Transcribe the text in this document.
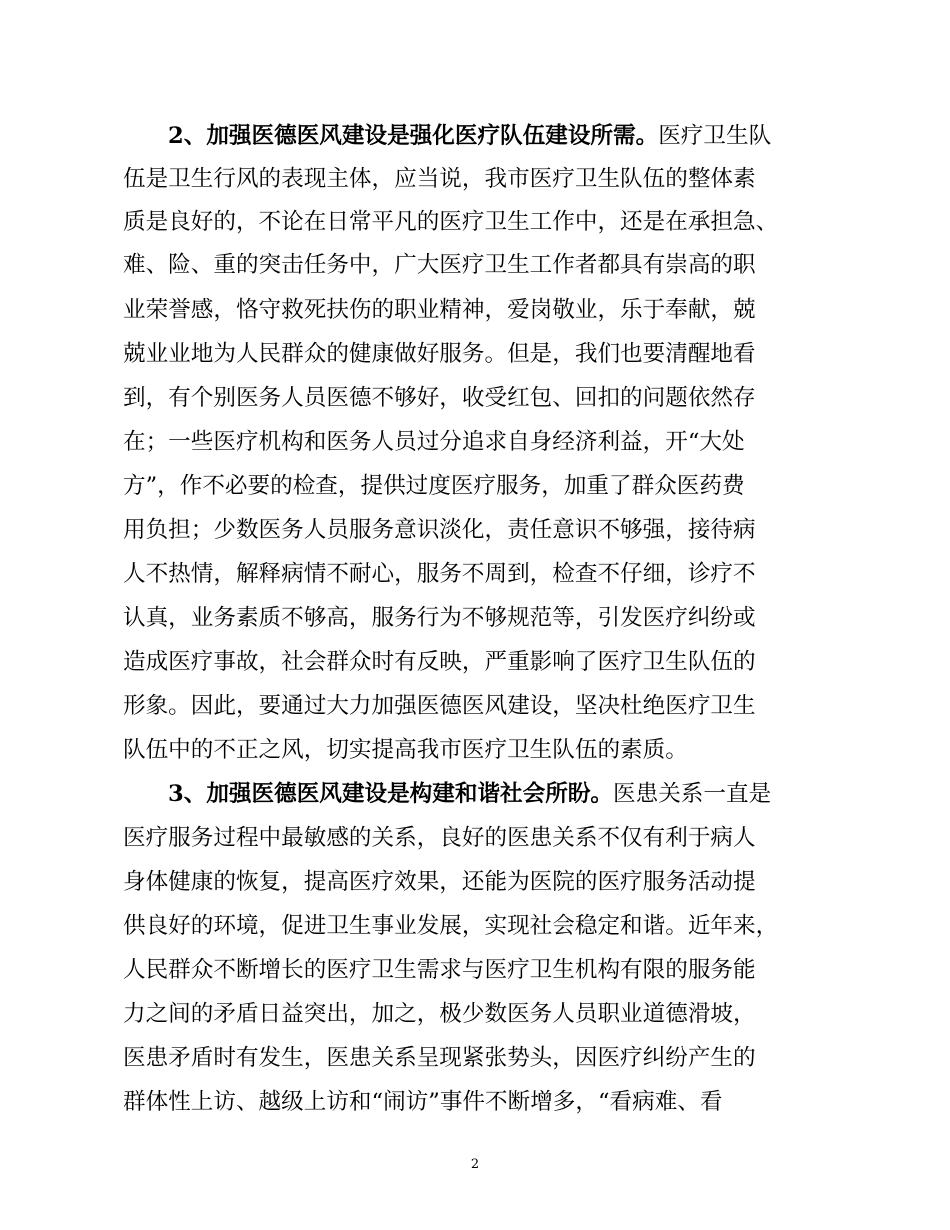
2、加强医德医风建设是强化医疗队伍建设所需。医疗卫生队
伍是卫生行风的表现主体，应当说，我市医疗卫生队伍的整体素
质是良好的，不论在日常平凡的医疗卫生工作中，还是在承担急、
难、险、重的突击任务中，广大医疗卫生工作者都具有崇高的职
业荣誉感，恪守救死扶伤的职业精神，爱岗敬业，乐于奉献，兢
兢业业地为人民群众的健康做好服务。但是，我们也要清醒地看
到，有个别医务人员医德不够好，收受红包、回扣的问题依然存
在；一些医疗机构和医务人员过分追求自身经济利益，开“大处
方”，作不必要的检查，提供过度医疗服务，加重了群众医药费
用负担；少数医务人员服务意识淡化，责任意识不够强，接待病
人不热情，解释病情不耐心，服务不周到，检查不仔细，诊疗不
认真，业务素质不够高，服务行为不够规范等，引发医疗纠纷或
造成医疗事故，社会群众时有反映，严重影响了医疗卫生队伍的
形象。因此，要通过大力加强医德医风建设，坚决杜绝医疗卫生
队伍中的不正之风，切实提高我市医疗卫生队伍的素质。
3、加强医德医风建设是构建和谐社会所盼。医患关系一直是
医疗服务过程中最敏感的关系，良好的医患关系不仅有利于病人
身体健康的恢复，提高医疗效果，还能为医院的医疗服务活动提
供良好的环境，促进卫生事业发展，实现社会稳定和谐。近年来，
人民群众不断增长的医疗卫生需求与医疗卫生机构有限的服务能
力之间的矛盾日益突出，加之，极少数医务人员职业道德滑坡，
医患矛盾时有发生，医患关系呈现紧张势头，因医疗纠纷产生的
群体性上访、越级上访和“闹访”事件不断增多，“看病难、看
2
